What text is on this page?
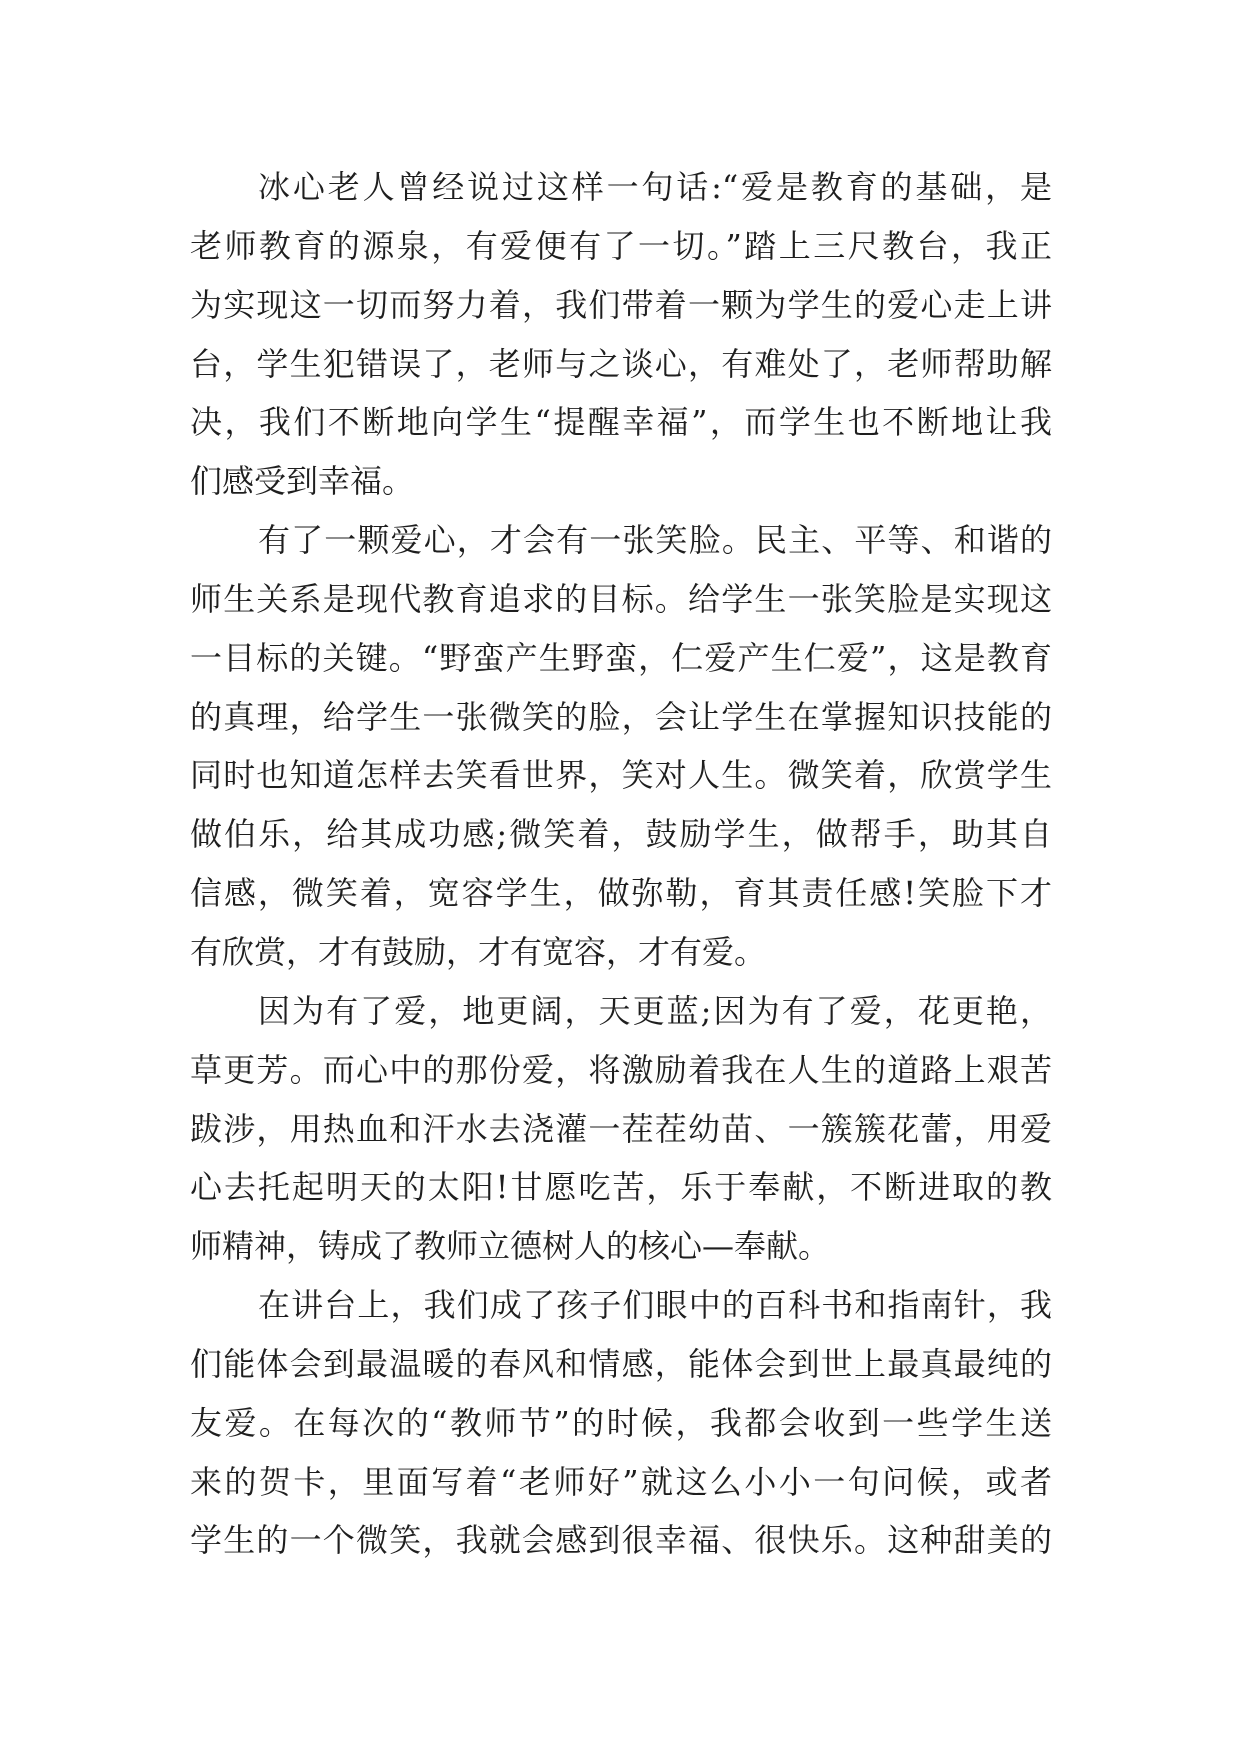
冰心老人曾经说过这样一句话:“爱是教育的基础，是
老师教育的源泉，有爱便有了一切。”踏上三尺教台，我正
为实现这一切而努力着，我们带着一颗为学生的爱心走上讲
台，学生犯错误了，老师与之谈心，有难处了，老师帮助解
决，我们不断地向学生“提醒幸福”，而学生也不断地让我
们感受到幸福。
有了一颗爱心，才会有一张笑脸。民主、平等、和谐的
师生关系是现代教育追求的目标。给学生一张笑脸是实现这
一目标的关键。“野蛮产生野蛮，仁爱产生仁爱”，这是教育
的真理，给学生一张微笑的脸，会让学生在掌握知识技能的
同时也知道怎样去笑看世界，笑对人生。微笑着，欣赏学生
做伯乐，给其成功感;微笑着，鼓励学生，做帮手，助其自
信感，微笑着，宽容学生，做弥勒，育其责任感!笑脸下才
有欣赏，才有鼓励，才有宽容，才有爱。
因为有了爱，地更阔，天更蓝;因为有了爱，花更艳，
草更芳。而心中的那份爱，将激励着我在人生的道路上艰苦
跋涉，用热血和汗水去浇灌一茬茬幼苗、一簇簇花蕾，用爱
心去托起明天的太阳!甘愿吃苦，乐于奉献，不断进取的教
师精神，铸成了教师立德树人的核心—奉献。
在讲台上，我们成了孩子们眼中的百科书和指南针，我
们能体会到最温暖的春风和情感，能体会到世上最真最纯的
友爱。在每次的“教师节”的时候，我都会收到一些学生送
来的贺卡，里面写着“老师好”就这么小小一句问候，或者
学生的一个微笑，我就会感到很幸福、很快乐。这种甜美的
